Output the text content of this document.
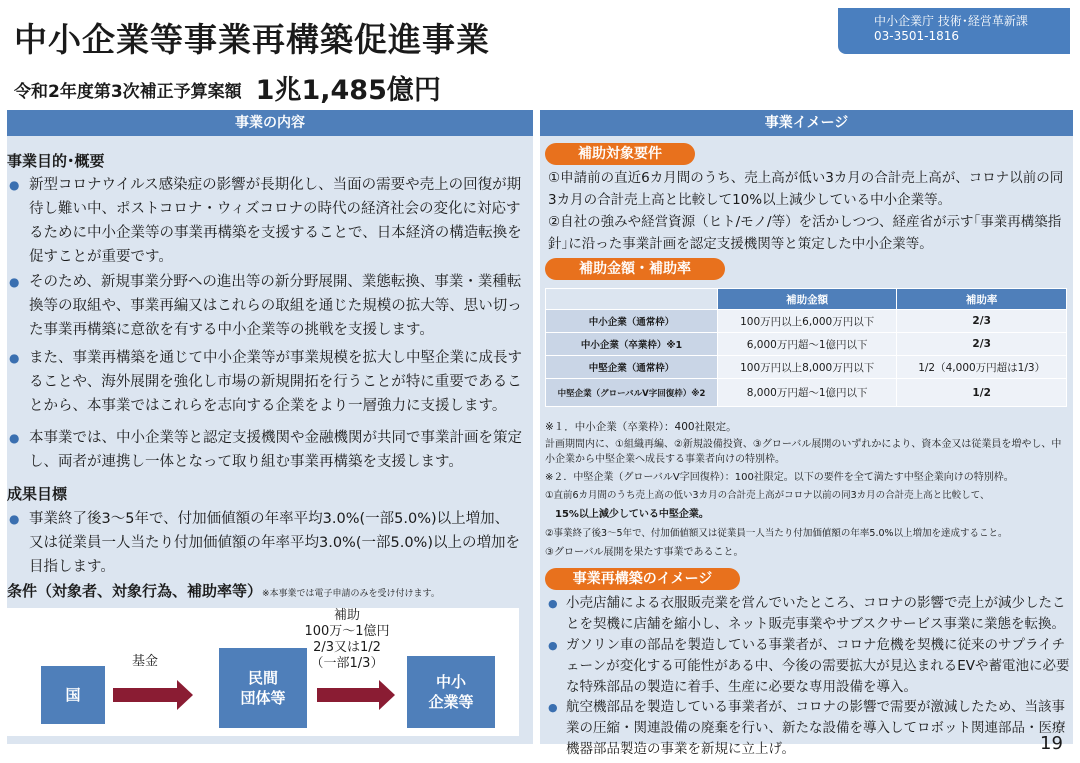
中小企業等事業再構築促進事業
令和2年度第3次補正予算案額 1兆1,485億円
中小企業庁 技術･経営革新課
03-3501-1816
事業の内容
事業目的･概要
● 新型コロナウイルス感染症の影響が長期化し、当面の需要や売上の回復が期待し難い中、ポストコロナ・ウィズコロナの時代の経済社会の変化に対応するために中小企業等の事業再構築を支援することで、日本経済の構造転換を促すことが重要です。
● そのため、新規事業分野への進出等の新分野展開、業態転換、事業・業種転換等の取組や、事業再編又はこれらの取組を通じた規模の拡大等、思い切った事業再構築に意欲を有する中小企業等の挑戦を支援します。
● また、事業再構築を通じて中小企業等が事業規模を拡大し中堅企業に成長することや、海外展開を強化し市場の新規開拓を行うことが特に重要であることから、本事業ではこれらを志向する企業をより一層強力に支援します。
● 本事業では、中小企業等と認定支援機関や金融機関が共同で事業計画を策定し、両者が連携し一体となって取り組む事業再構築を支援します。
成果目標
● 事業終了後3～5年で、付加価値額の年率平均3.0%(一部5.0%)以上増加、又は従業員一人当たり付加価値額の年率平均3.0%(一部5.0%)以上の増加を目指します。
条件（対象者、対象行為、補助率等）※本事業では電子申請のみを受け付けます。
国
基金
民間
団体等
補助
100万～1億円
2/3又は1/2
（一部1/3）
中小
企業等
事業イメージ
補助対象要件
①申請前の直近6カ月間のうち、売上高が低い3カ月の合計売上高が、コロナ以前の同3カ月の合計売上高と比較して10%以上減少している中小企業等。
②自社の強みや経営資源（ヒト/モノ/等）を活かしつつ、経産省が示す｢事業再構築指針｣に沿った事業計画を認定支援機関等と策定した中小企業等。
補助金額・補助率
	補助金額	補助率
中小企業（通常枠）	100万円以上6,000万円以下	2/3
中小企業（卒業枠）※1	6,000万円超～1億円以下	2/3
中堅企業（通常枠）	100万円以上8,000万円以下	1/2（4,000万円超は1/3）
中堅企業（グローバルV字回復枠）※2	8,000万円超～1億円以下	1/2
※１．中小企業（卒業枠）：400社限定。
計画期間内に、①組織再編、②新規設備投資、③グローバル展開のいずれかにより、資本金又は従業員を増やし、中小企業から中堅企業へ成長する事業者向けの特別枠。
※２．中堅企業（グローバルV字回復枠）：100社限定。以下の要件を全て満たす中堅企業向けの特別枠。
①直前6カ月間のうち売上高の低い3カ月の合計売上高がコロナ以前の同3カ月の合計売上高と比較して、
15%以上減少している中堅企業。
②事業終了後3～5年で、付加価値額又は従業員一人当たり付加価値額の年率5.0%以上増加を達成すること。
③グローバル展開を果たす事業であること。
事業再構築のイメージ
● 小売店舗による衣服販売業を営んでいたところ、コロナの影響で売上が減少したことを契機に店舗を縮小し、ネット販売事業やサブスクサービス事業に業態を転換。
● ガソリン車の部品を製造している事業者が、コロナ危機を契機に従来のサプライチェーンが変化する可能性がある中、今後の需要拡大が見込まれるEVや蓄電池に必要な特殊部品の製造に着手、生産に必要な専用設備を導入。
● 航空機部品を製造している事業者が、コロナの影響で需要が激減したため、当該事業の圧縮・関連設備の廃棄を行い、新たな設備を導入してロボット関連部品・医療機器部品製造の事業を新規に立上げ。	19
